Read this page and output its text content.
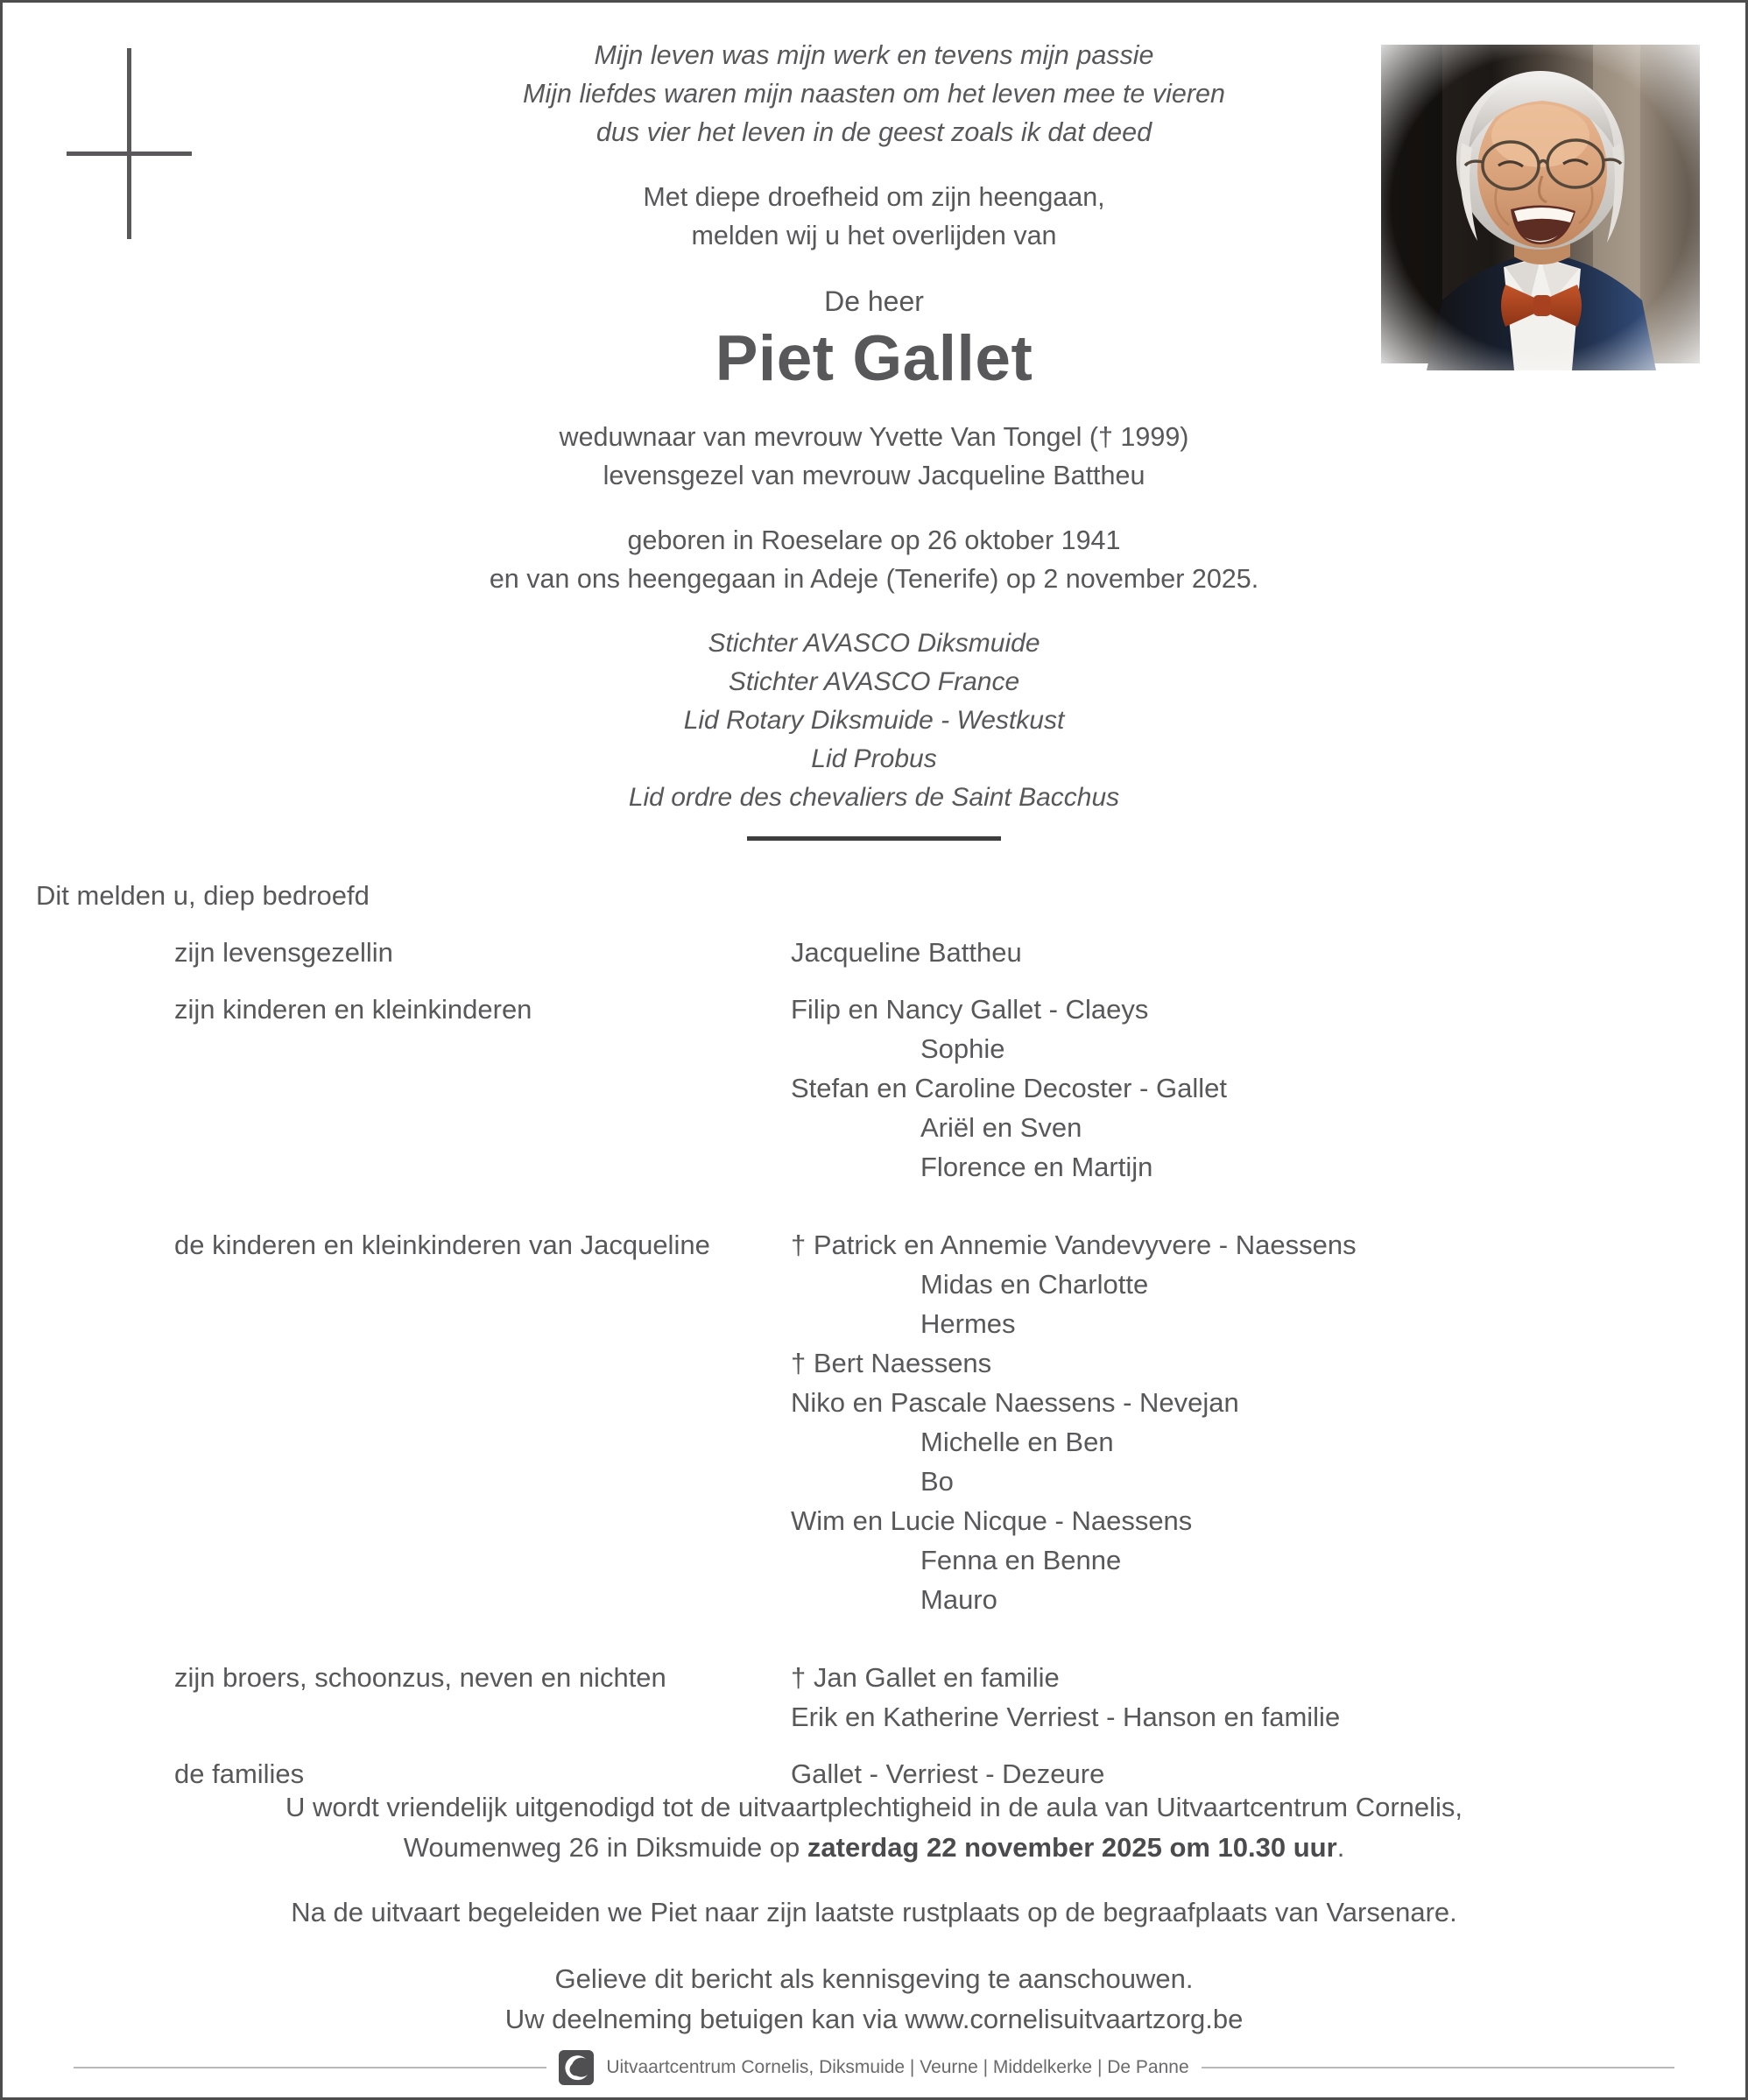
Mijn leven was mijn werk en tevens mijn passie
Mijn liefdes waren mijn naasten om het leven mee te vieren
dus vier het leven in de geest zoals ik dat deed
Met diepe droefheid om zijn heengaan,
melden wij u het overlijden van
De heer
Piet Gallet
weduwnaar van mevrouw Yvette Van Tongel († 1999)
levensgezel van mevrouw Jacqueline Battheu
geboren in Roeselare op 26 oktober 1941
en van ons heengegaan in Adeje (Tenerife) op 2 november 2025.
Stichter AVASCO Diksmuide
Stichter AVASCO France
Lid Rotary Diksmuide - Westkust
Lid Probus
Lid ordre des chevaliers de Saint Bacchus
Dit melden u, diep bedroefd
zijn levensgezellin	Jacqueline Battheu
zijn kinderen en kleinkinderen	Filip en Nancy Gallet - Claeys
Sophie
Stefan en Caroline Decoster - Gallet
Ariël en Sven
Florence en Martijn
de kinderen en kleinkinderen van Jacqueline	† Patrick en Annemie Vandevyvere - Naessens
Midas en Charlotte
Hermes
† Bert Naessens
Niko en Pascale Naessens - Nevejan
Michelle en Ben
Bo
Wim en Lucie Nicque - Naessens
Fenna en Benne
Mauro
zijn broers, schoonzus, neven en nichten	† Jan Gallet en familie
Erik en Katherine Verriest - Hanson en familie
de families	Gallet - Verriest - Dezeure
U wordt vriendelijk uitgenodigd tot de uitvaartplechtigheid in de aula van Uitvaartcentrum Cornelis,
Woumenweg 26 in Diksmuide op zaterdag 22 november 2025 om 10.30 uur.
Na de uitvaart begeleiden we Piet naar zijn laatste rustplaats op de begraafplaats van Varsenare.
Gelieve dit bericht als kennisgeving te aanschouwen.
Uw deelneming betuigen kan via www.cornelisuitvaartzorg.be
Uitvaartcentrum Cornelis, Diksmuide | Veurne | Middelkerke | De Panne
